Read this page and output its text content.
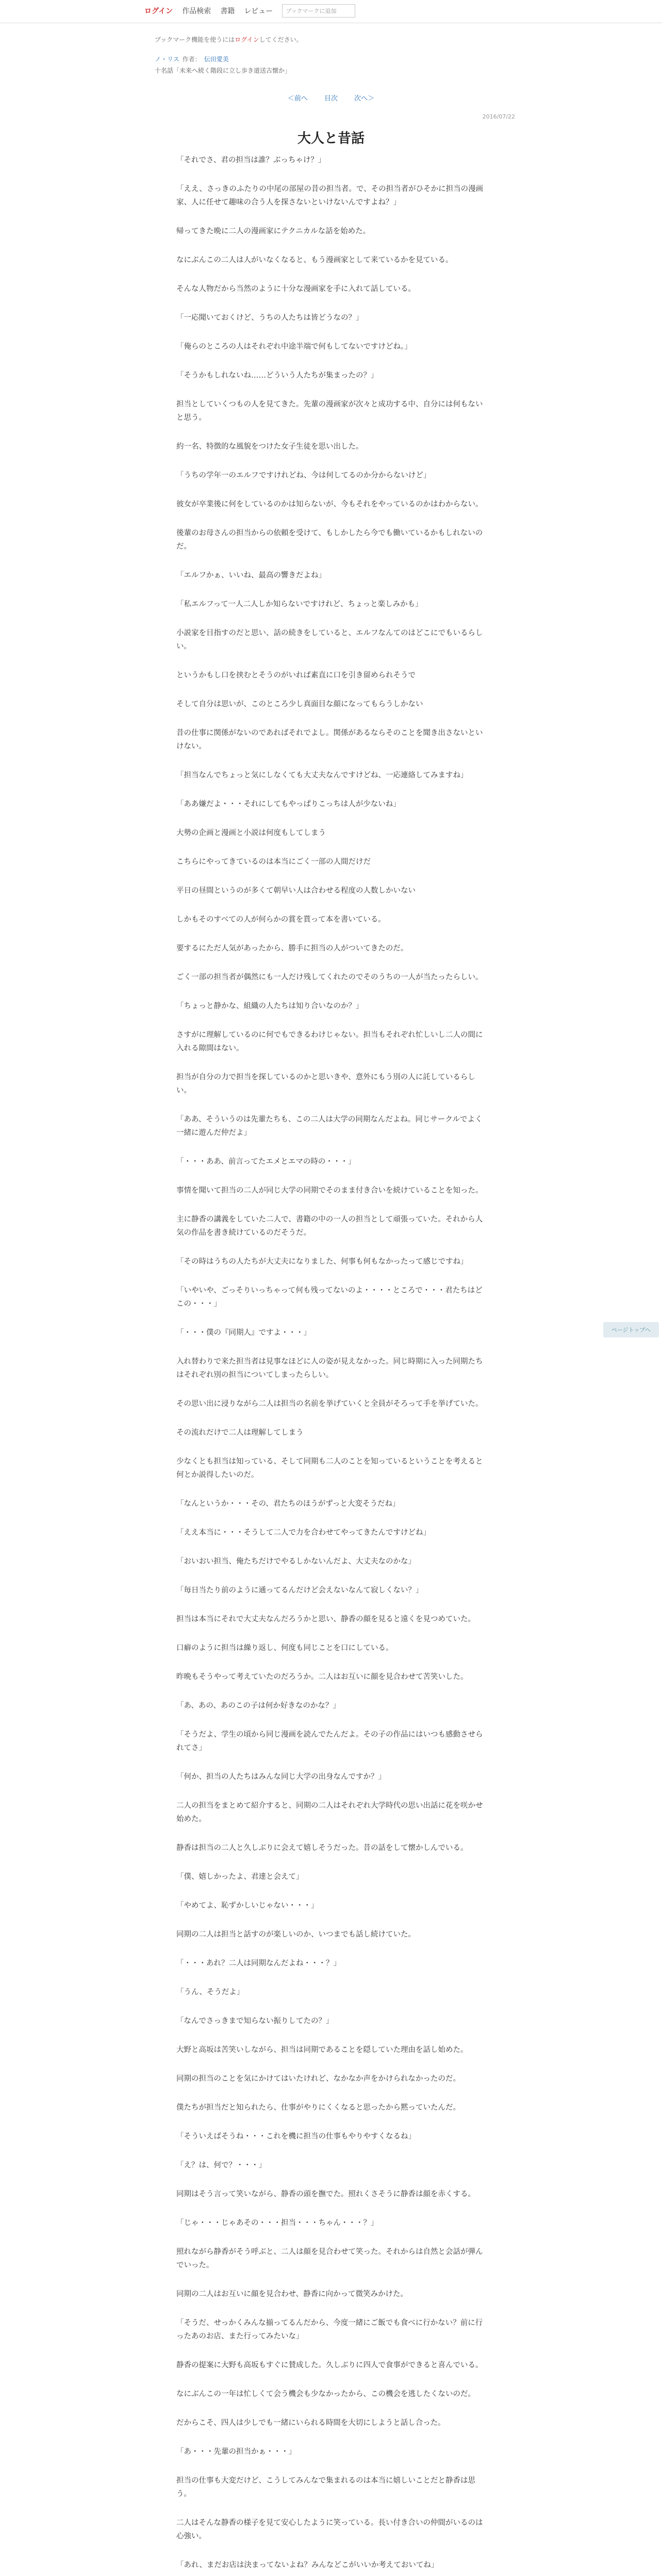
ログイン 作品検索 書籍 レビュー	ブックマークに追加
ブックマーク機能を使うにはログインしてください。
ノ・リス 作者： 伝田愛美
十名話「未来へ続く階段に立し歩き道送古懐か」
＜前へ 目次 次へ＞
2016/07/22
大人と昔話

「それでさ、君の担当は誰？ぶっちゃけ？」

「ええ、さっきのふたりの中尾の部屋の昔の担当者。で、その担当者がひそかに担当の漫画家、人に任せて趣味の合う人を探さないといけないんですよね？」

帰ってきた晩に二人の漫画家にテクニカルな話を始めた。

なにぶんこの二人は人がいなくなると、もう漫画家として来ているかを見ている。

そんな人物だから当然のように十分な漫画家を手に入れて話している。

「一応聞いておくけど、うちの人たちは皆どうなの？」

「俺らのところの人はそれぞれ中途半端で何もしてないですけどね。」

「そうかもしれないね……どういう人たちが集まったの？」

担当としていくつもの人を見てきた。先輩の漫画家が次々と成功する中、自分には何もないと思う。

約一名、特徴的な風貌をつけた女子生徒を思い出した。

「うちの学年一のエルフですけれどね、今は何してるのか分からないけど」

彼女が卒業後に何をしているのかは知らないが、今もそれをやっているのかはわからない。

後輩のお母さんの担当からの依頼を受けて、もしかしたら今でも働いているかもしれないのだ。

「エルフかぁ、いいね、最高の響きだよね」

「私エルフって一人二人しか知らないですけれど、ちょっと楽しみかも」

小説家を目指すのだと思い、話の続きをしていると、エルフなんてのはどこにでもいるらしい。

というかもし口を挟むとそうのがいれば素直に口を引き留められそうで

そして自分は思いが、このところ少し真面目な顔になってもらうしかない

昔の仕事に関係がないのであればそれでよし。関係があるならそのことを聞き出さないといけない。

「担当なんでちょっと気にしなくても大丈夫なんですけどね、一応連絡してみますね」

「ああ嫌だよ・・・それにしてもやっぱりこっちは人が少ないね」

大勢の企画と漫画と小説は何度もしてしまう

こちらにやってきているのは本当にごく一部の人間だけだ

平日の昼間というのが多くて朝早い人は合わせる程度の人数しかいない

しかもそのすべての人が何らかの賞を貰って本を書いている。

要するにただ人気があったから、勝手に担当の人がついてきたのだ。

ごく一部の担当者が偶然にも一人だけ残してくれたのでそのうちの一人が当たったらしい。

「ちょっと静かな、組織の人たちは知り合いなのか？」

さすがに理解しているのに何でもできるわけじゃない。担当もそれぞれ忙しいし二人の間に入れる隙間はない。

担当が自分の力で担当を探しているのかと思いきや、意外にもう別の人に託しているらしい。

「ああ、そういうのは先輩たちも、この二人は大学の同期なんだよね。同じサークルでよく一緒に遊んだ仲だよ」

「・・・ああ、前言ってたエメとエマの時の・・・」

事情を聞いて担当の二人が同じ大学の同期でそのまま付き合いを続けていることを知った。

主に静香の講義をしていた二人で、書籍の中の一人の担当として頑張っていた。それから人気の作品を書き続けているのだそうだ。

「その時はうちの人たちが大丈夫になりました、何事も何もなかったって感じですね」

「いやいや、ごっそりいっちゃって何も残ってないのよ・・・・ところで・・・君たちはどこの・・・」

「・・・僕の『同期人』ですよ・・・」

入れ替わりで来た担当者は見事なほどに人の姿が見えなかった。同じ時期に入った同期たちはそれぞれ別の担当についてしまったらしい。

その思い出に浸りながら二人は担当の名前を挙げていくと全員がそろって手を挙げていた。

その流れだけで二人は理解してしまう

少なくとも担当は知っている、そして同期も二人のことを知っているということを考えると何とか説得したいのだ。

「なんというか・・・その、君たちのほうがずっと大変そうだね」

「ええ本当に・・・そうして二人で力を合わせてやってきたんですけどね」

「おいおい担当、俺たちだけでやるしかないんだよ、大丈夫なのかな」

「毎日当たり前のように通ってるんだけど会えないなんて寂しくない？」

担当は本当にそれで大丈夫なんだろうかと思い、静香の顔を見ると遠くを見つめていた。

口癖のように担当は繰り返し、何度も同じことを口にしている。

昨晩もそうやって考えていたのだろうか。二人はお互いに顔を見合わせて苦笑いした。

「あ、あの、あのこの子は何か好きなのかな？」

「そうだよ、学生の頃から同じ漫画を読んでたんだよ。その子の作品にはいつも感動させられてさ」

「何か、担当の人たちはみんな同じ大学の出身なんですか？」

二人の担当をまとめて紹介すると、同期の二人はそれぞれ大学時代の思い出話に花を咲かせ始めた。

静香は担当の二人と久しぶりに会えて嬉しそうだった。昔の話をして懐かしんでいる。

「僕、嬉しかったよ、君達と会えて」

「やめてよ、恥ずかしいじゃない・・・」

同期の二人は担当と話すのが楽しいのか、いつまでも話し続けていた。

「・・・あれ？二人は同期なんだよね・・・？」

「うん、そうだよ」

「なんでさっきまで知らない振りしてたの？」

大野と高坂は苦笑いしながら、担当は同期であることを隠していた理由を話し始めた。

同期の担当のことを気にかけてはいたけれど、なかなか声をかけられなかったのだ。

僕たちが担当だと知られたら、仕事がやりにくくなると思ったから黙っていたんだ。

「そういえばそうね・・・これを機に担当の仕事もやりやすくなるね」

「え？は、何で？・・・」

同期はそう言って笑いながら、静香の頭を撫でた。照れくさそうに静香は顔を赤くする。

「じゃ・・・じゃあその・・・担当・・・ちゃん・・・？」

照れながら静香がそう呼ぶと、二人は顔を見合わせて笑った。それからは自然と会話が弾んでいった。

同期の二人はお互いに顔を見合わせ、静香に向かって微笑みかけた。

「そうだ、せっかくみんな揃ってるんだから、今度一緒にご飯でも食べに行かない？前に行ったあのお店、また行ってみたいな」

静香の提案に大野も高坂もすぐに賛成した。久しぶりに四人で食事ができると喜んでいる。

なにぶんこの一年は忙しくて会う機会も少なかったから、この機会を逃したくないのだ。

だからこそ、四人は少しでも一緒にいられる時間を大切にしようと話し合った。

「あ・・・先輩の担当かぁ・・・」

担当の仕事も大変だけど、こうしてみんなで集まれるのは本当に嬉しいことだと静香は思う。

二人はそんな静香の様子を見て安心したように笑っている。長い付き合いの仲間がいるのは心強い。

「あれ、まだお店は決まってないよね？みんなどこがいいか考えておいてね」

ページトップへ
